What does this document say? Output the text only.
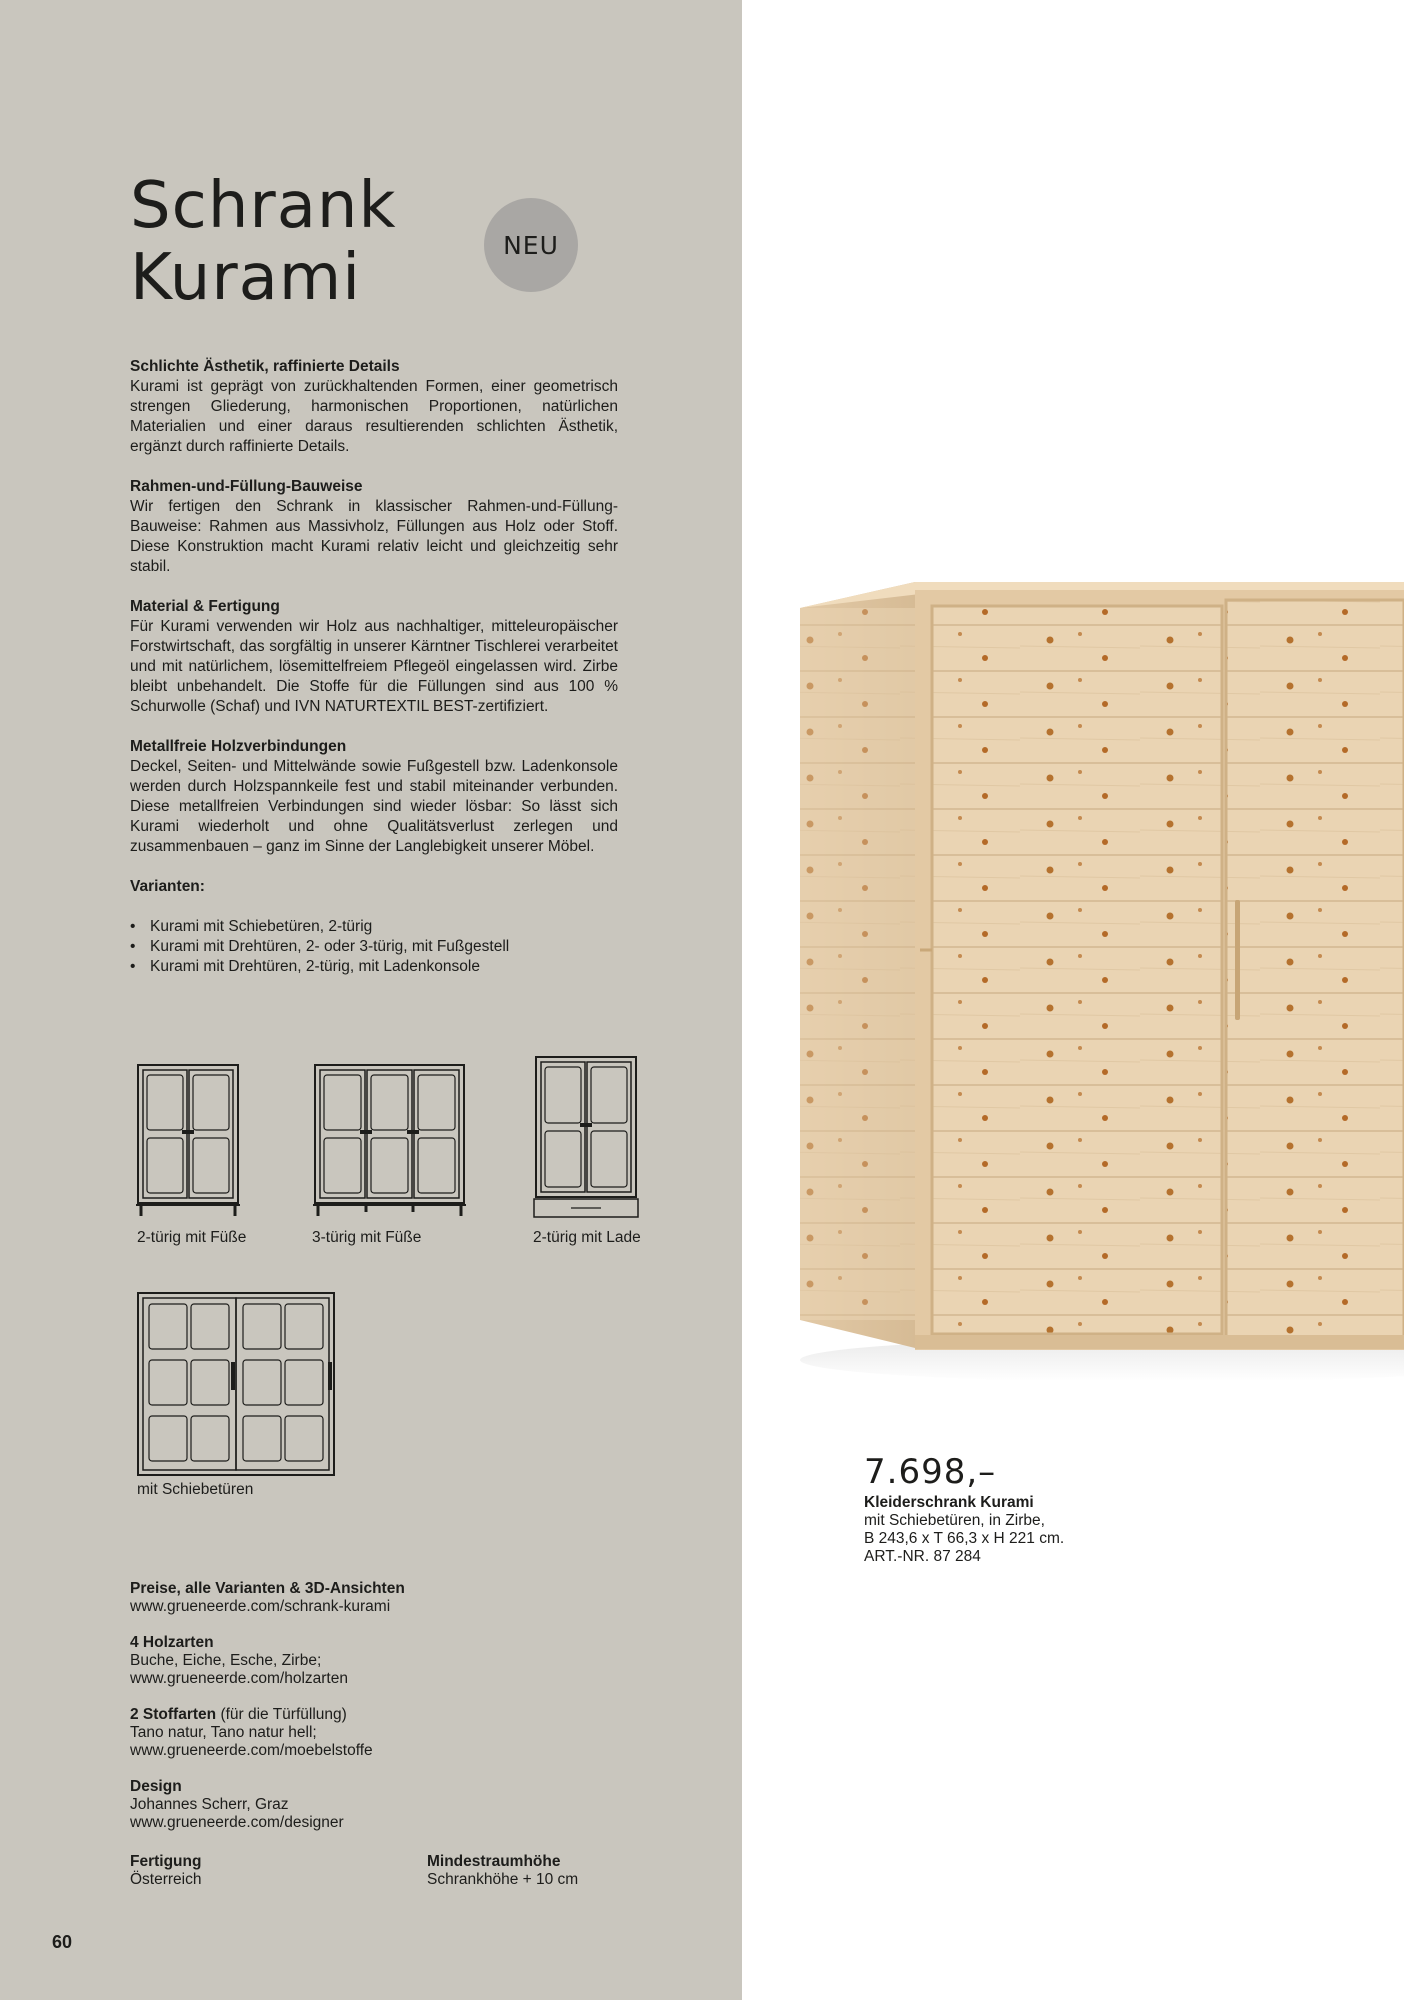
Schrank
Kurami	NEU
Schlichte Ästhetik, raffinierte Details

Kurami ist geprägt von zurückhaltenden Formen, einer geometrisch strengen Gliederung, harmonischen Proportionen, natürlichen Materialien und einer daraus resultierenden schlichten Ästhetik, ergänzt durch raffinierte Details.

Rahmen-und-Füllung-Bauweise

Wir fertigen den Schrank in klassischer Rahmen-und-Füllung-Bauweise: Rahmen aus Massivholz, Füllungen aus Holz oder Stoff. Diese Konstruktion macht Kurami relativ leicht und gleichzeitig sehr stabil.

Material & Fertigung

Für Kurami verwenden wir Holz aus nachhaltiger, mitteleuropäischer Forstwirtschaft, das sorgfältig in unserer Kärntner Tischlerei verarbeitet und mit natürlichem, lösemittelfreiem Pflegeöl eingelassen wird. Zirbe bleibt unbehandelt. Die Stoffe für die Füllungen sind aus 100 % Schurwolle (Schaf) und IVN NATURTEXTIL BEST-zertifiziert.

Metallfreie Holzverbindungen

Deckel, Seiten- und Mittelwände sowie Fußgestell bzw. Ladenkonsole werden durch Holzspannkeile fest und stabil miteinander verbunden. Diese metallfreien Verbindungen sind wieder lösbar: So lässt sich Kurami wiederholt und ohne Qualitätsverlust zerlegen und zusammenbauen – ganz im Sinne der Langlebigkeit unserer Möbel.

Varianten:
• Kurami mit Schiebetüren, 2-türig
• Kurami mit Drehtüren, 2- oder 3-türig, mit Fußgestell
• Kurami mit Drehtüren, 2-türig, mit Ladenkonsole
2-türig mit Füße	3-türig mit Füße	2-türig mit Lade
mit Schiebetüren
Preise, alle Varianten & 3D-Ansichten

www.grueneerde.com/schrank-kurami

4 Holzarten

Buche, Eiche, Esche, Zirbe;

www.grueneerde.com/holzarten

2 Stoffarten (für die Türfüllung)

Tano natur, Tano natur hell;

www.grueneerde.com/moebelstoffe

Design

Johannes Scherr, Graz

www.grueneerde.com/designer

Fertigung

Österreich

Mindestraumhöhe

Schrankhöhe + 10 cm

60
7.698,–
Kleiderschrank Kurami
mit Schiebetüren, in Zirbe,
B 243,6 x T 66,3 x H 221 cm.
ART.-NR. 87 284
